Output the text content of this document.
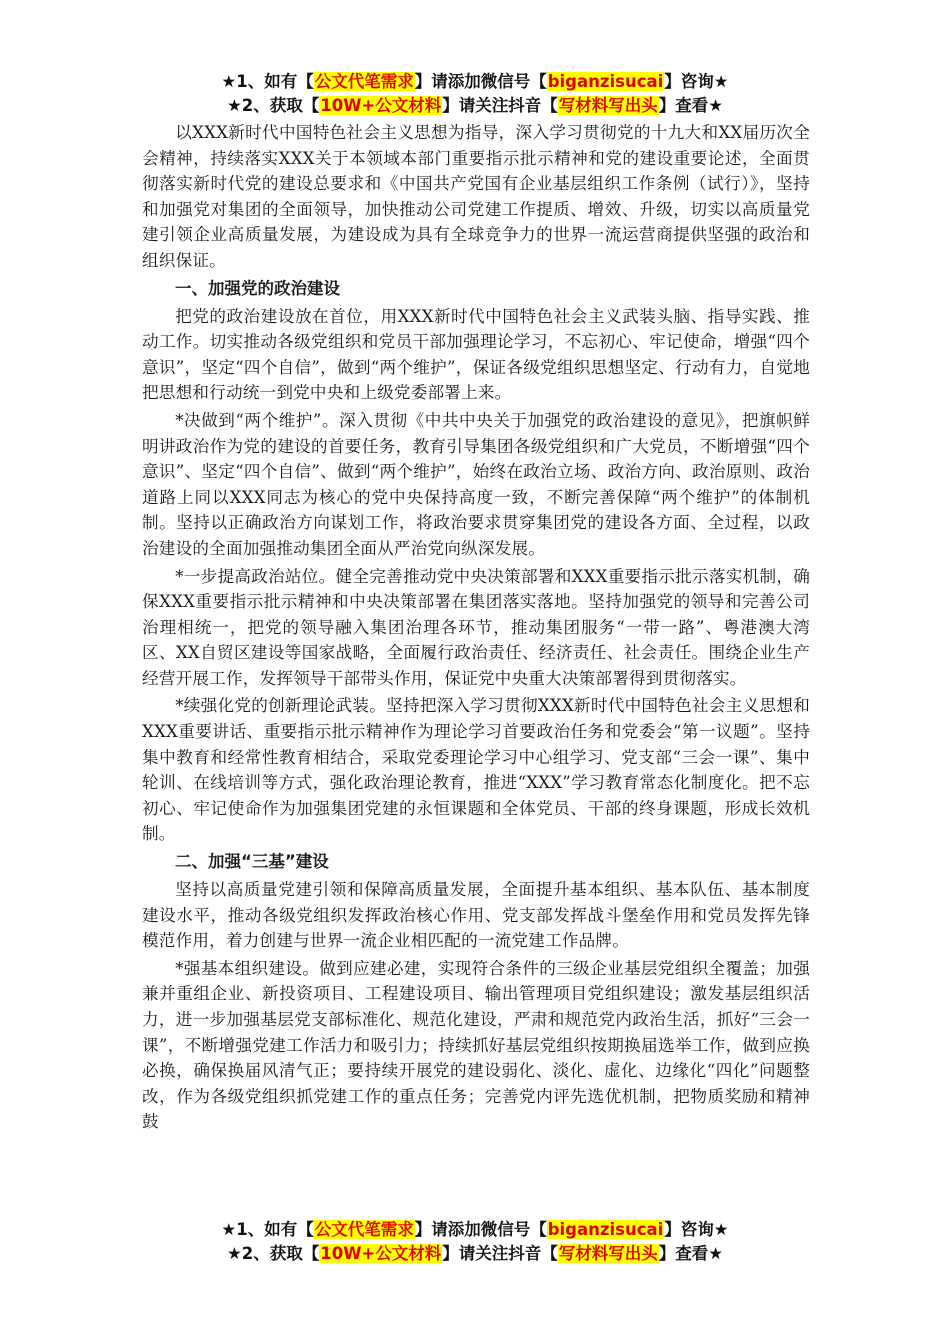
★1、如有【公文代笔需求】请添加微信号【biganzisucai】咨询★
★2、获取【10W+公文材料】请关注抖音【写材料写出头】查看★

以XXX新时代中国特色社会主义思想为指导，深入学习贯彻党的十九大和XX届历次全会精神，持续落实XXX关于本领域本部门重要指示批示精神和党的建设重要论述，全面贯彻落实新时代党的建设总要求和《中国共产党国有企业基层组织工作条例（试行）》，坚持和加强党对集团的全面领导，加快推动公司党建工作提质、增效、升级，切实以高质量党建引领企业高质量发展，为建设成为具有全球竞争力的世界一流运营商提供坚强的政治和组织保证。

一、加强党的政治建设

把党的政治建设放在首位，用XXX新时代中国特色社会主义武装头脑、指导实践、推动工作。切实推动各级党组织和党员干部加强理论学习，不忘初心、牢记使命，增强“四个意识”，坚定“四个自信”，做到“两个维护”，保证各级党组织思想坚定、行动有力，自觉地把思想和行动统一到党中央和上级党委部署上来。

*决做到“两个维护”。深入贯彻《中共中央关于加强党的政治建设的意见》，把旗帜鲜明讲政治作为党的建设的首要任务，教育引导集团各级党组织和广大党员，不断增强“四个意识”、坚定“四个自信”、做到“两个维护”，始终在政治立场、政治方向、政治原则、政治道路上同以XXX同志为核心的党中央保持高度一致，不断完善保障“两个维护”的体制机制。坚持以正确政治方向谋划工作，将政治要求贯穿集团党的建设各方面、全过程，以政治建设的全面加强推动集团全面从严治党向纵深发展。

*一步提高政治站位。健全完善推动党中央决策部署和XXX重要指示批示落实机制，确保XXX重要指示批示精神和中央决策部署在集团落实落地。坚持加强党的领导和完善公司治理相统一，把党的领导融入集团治理各环节，推动集团服务“一带一路”、粤港澳大湾区、XX自贸区建设等国家战略，全面履行政治责任、经济责任、社会责任。围绕企业生产经营开展工作，发挥领导干部带头作用，保证党中央重大决策部署得到贯彻落实。

*续强化党的创新理论武装。坚持把深入学习贯彻XXX新时代中国特色社会主义思想和XXX重要讲话、重要指示批示精神作为理论学习首要政治任务和党委会“第一议题”。坚持集中教育和经常性教育相结合，采取党委理论学习中心组学习、党支部“三会一课”、集中轮训、在线培训等方式，强化政治理论教育，推进“XXX”学习教育常态化制度化。把不忘初心、牢记使命作为加强集团党建的永恒课题和全体党员、干部的终身课题，形成长效机制。

二、加强“三基”建设

坚持以高质量党建引领和保障高质量发展，全面提升基本组织、基本队伍、基本制度建设水平，推动各级党组织发挥政治核心作用、党支部发挥战斗堡垒作用和党员发挥先锋模范作用，着力创建与世界一流企业相匹配的一流党建工作品牌。

*强基本组织建设。做到应建必建，实现符合条件的三级企业基层党组织全覆盖；加强兼并重组企业、新投资项目、工程建设项目、输出管理项目党组织建设；激发基层组织活力，进一步加强基层党支部标准化、规范化建设，严肃和规范党内政治生活，抓好“三会一课”，不断增强党建工作活力和吸引力；持续抓好基层党组织按期换届选举工作，做到应换必换，确保换届风清气正；要持续开展党的建设弱化、淡化、虚化、边缘化“四化”问题整改，作为各级党组织抓党建工作的重点任务；完善党内评先选优机制，把物质奖励和精神鼓

★1、如有【公文代笔需求】请添加微信号【biganzisucai】咨询★
★2、获取【10W+公文材料】请关注抖音【写材料写出头】查看★
